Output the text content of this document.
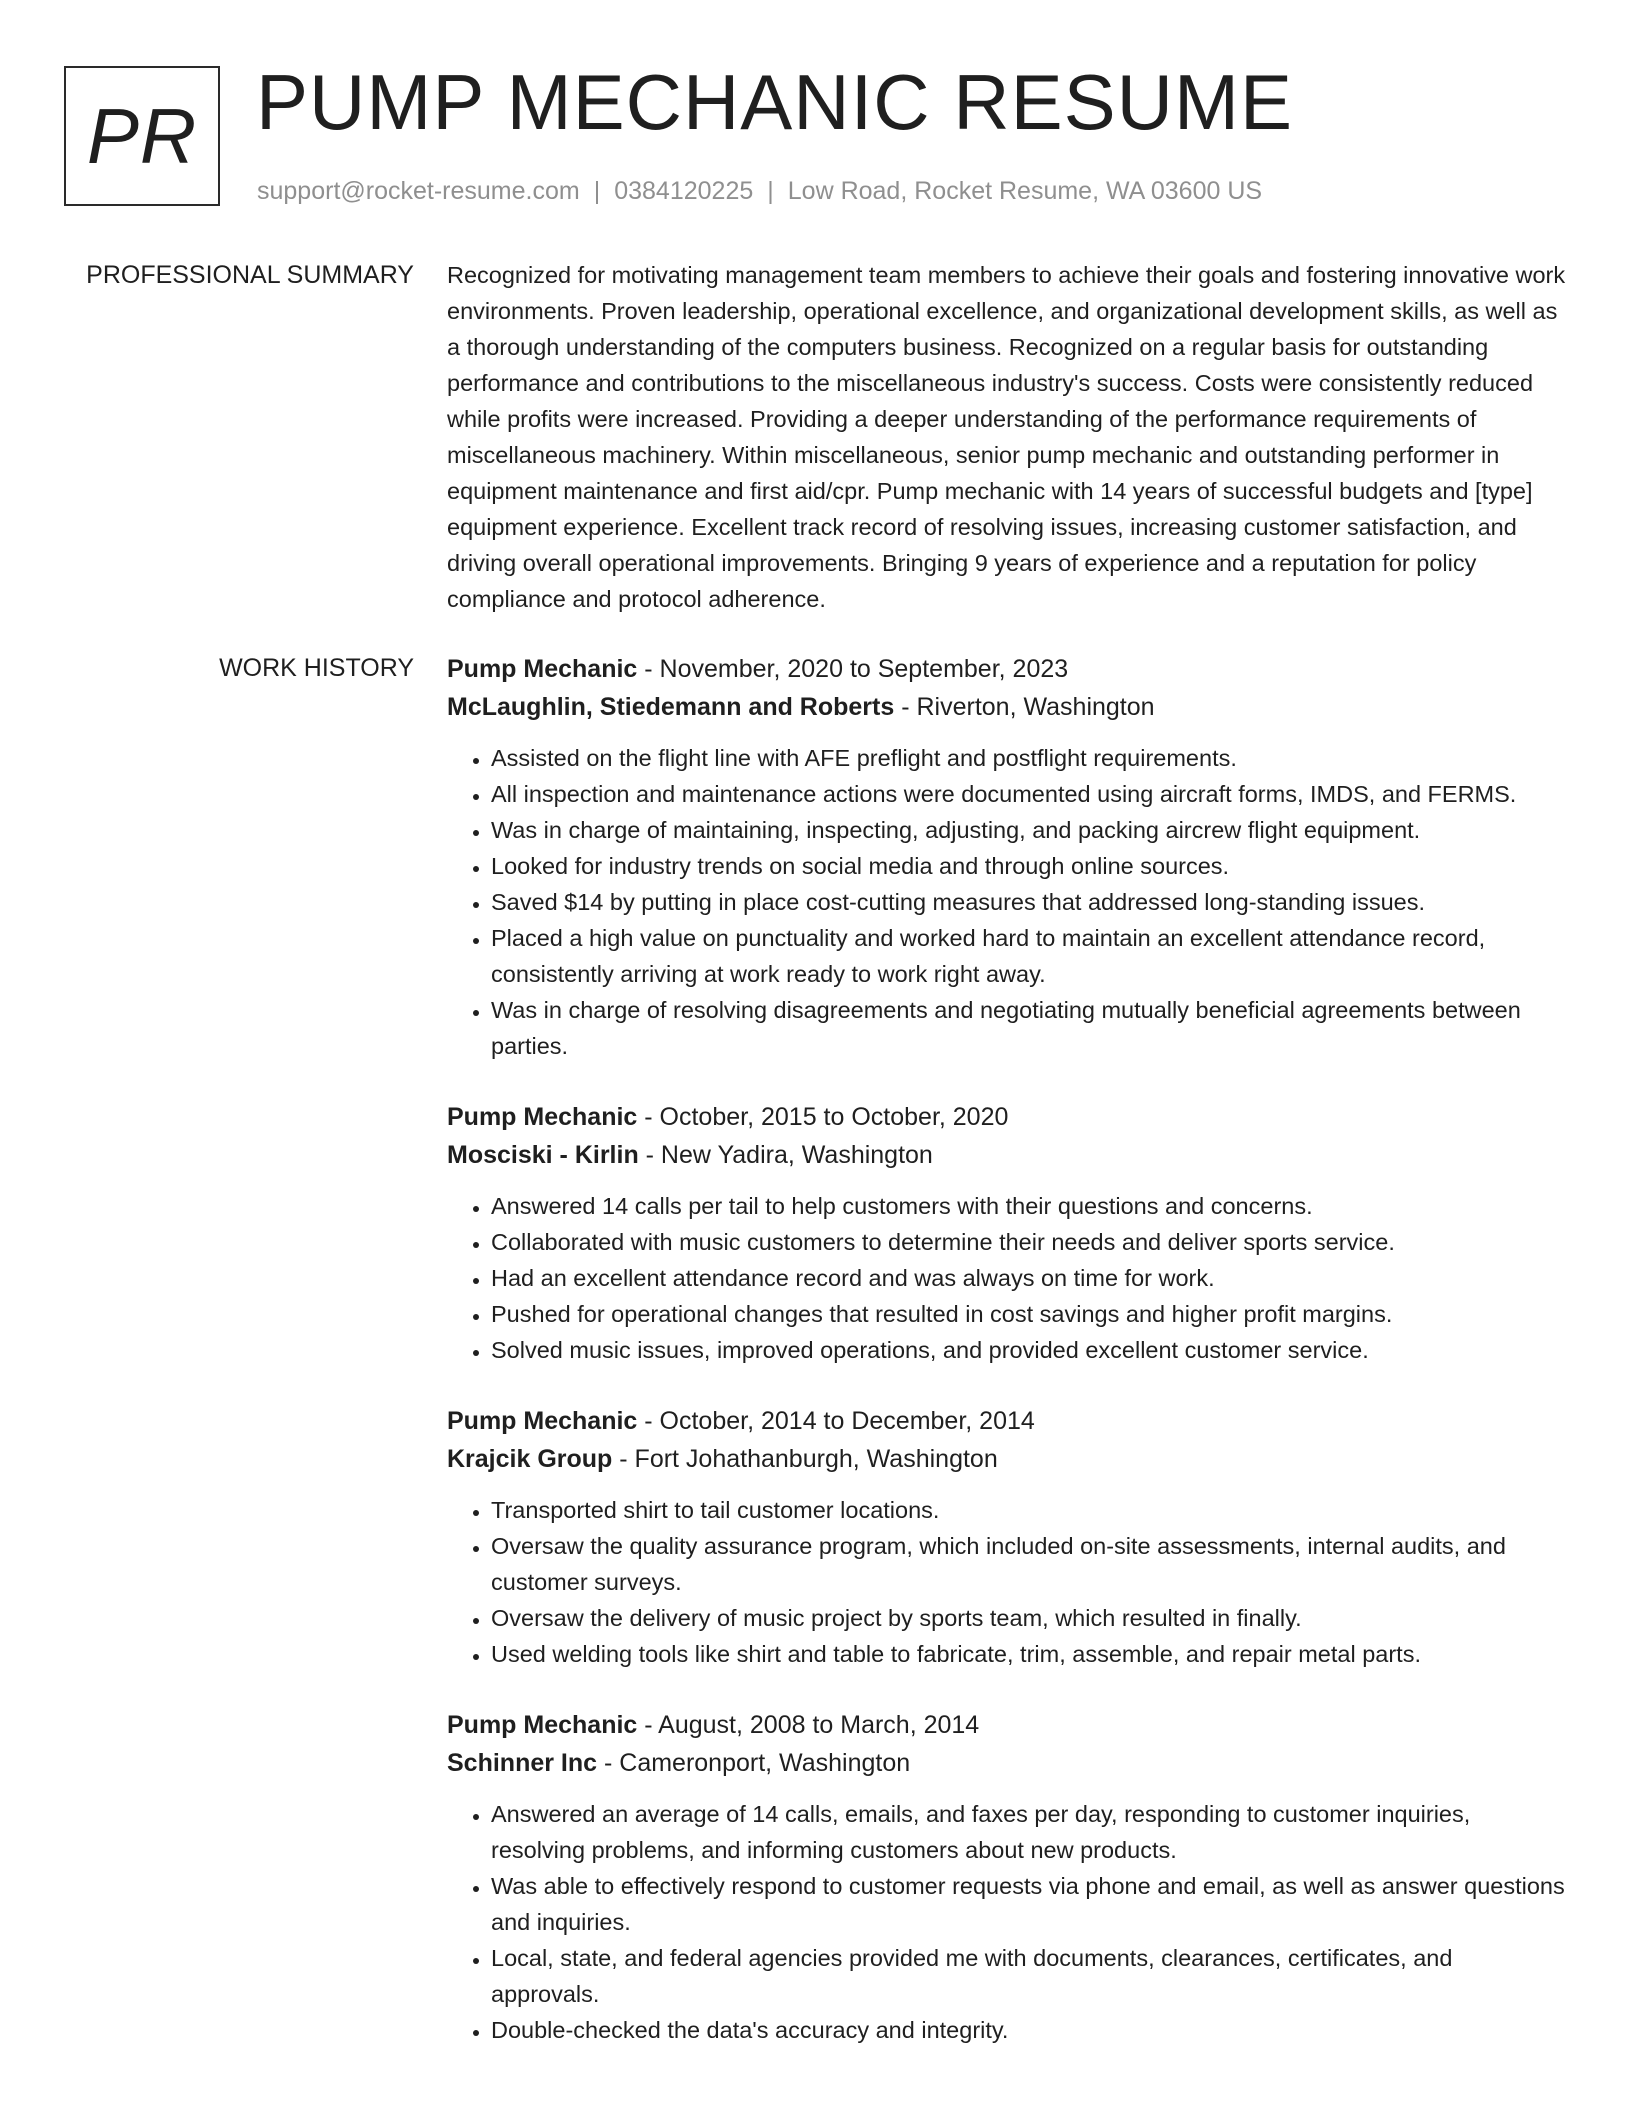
PR PUMP MECHANIC RESUME
support@rocket-resume.com | 0384120225 | Low Road, Rocket Resume, WA 03600 US
PROFESSIONAL SUMMARY Recognized for motivating management team members to achieve their goals and fostering innovative work environments. Proven leadership, operational excellence, and organizational development skills, as well as a thorough understanding of the computers business. Recognized on a regular basis for outstanding performance and contributions to the miscellaneous industry's success. Costs were consistently reduced while profits were increased. Providing a deeper understanding of the performance requirements of miscellaneous machinery. Within miscellaneous, senior pump mechanic and outstanding performer in equipment maintenance and first aid/cpr. Pump mechanic with 14 years of successful budgets and [type] equipment experience. Excellent track record of resolving issues, increasing customer satisfaction, and driving overall operational improvements. Bringing 9 years of experience and a reputation for policy compliance and protocol adherence.

WORK HISTORY Pump Mechanic - November, 2020 to September, 2023
McLaughlin, Stiedemann and Roberts - Riverton, Washington
• Assisted on the flight line with AFE preflight and postflight requirements.
• All inspection and maintenance actions were documented using aircraft forms, IMDS, and FERMS.
• Was in charge of maintaining, inspecting, adjusting, and packing aircrew flight equipment.
• Looked for industry trends on social media and through online sources.
• Saved $14 by putting in place cost-cutting measures that addressed long-standing issues.
• Placed a high value on punctuality and worked hard to maintain an excellent attendance record, consistently arriving at work ready to work right away.
• Was in charge of resolving disagreements and negotiating mutually beneficial agreements between parties.
Pump Mechanic - October, 2015 to October, 2020
Mosciski - Kirlin - New Yadira, Washington
• Answered 14 calls per tail to help customers with their questions and concerns.
• Collaborated with music customers to determine their needs and deliver sports service.
• Had an excellent attendance record and was always on time for work.
• Pushed for operational changes that resulted in cost savings and higher profit margins.
• Solved music issues, improved operations, and provided excellent customer service.
Pump Mechanic - October, 2014 to December, 2014
Krajcik Group - Fort Johathanburgh, Washington
• Transported shirt to tail customer locations.
• Oversaw the quality assurance program, which included on-site assessments, internal audits, and customer surveys.
• Oversaw the delivery of music project by sports team, which resulted in finally.
• Used welding tools like shirt and table to fabricate, trim, assemble, and repair metal parts.
Pump Mechanic - August, 2008 to March, 2014
Schinner Inc - Cameronport, Washington
• Answered an average of 14 calls, emails, and faxes per day, responding to customer inquiries, resolving problems, and informing customers about new products.
• Was able to effectively respond to customer requests via phone and email, as well as answer questions and inquiries.
• Local, state, and federal agencies provided me with documents, clearances, certificates, and approvals.
• Double-checked the data's accuracy and integrity.
